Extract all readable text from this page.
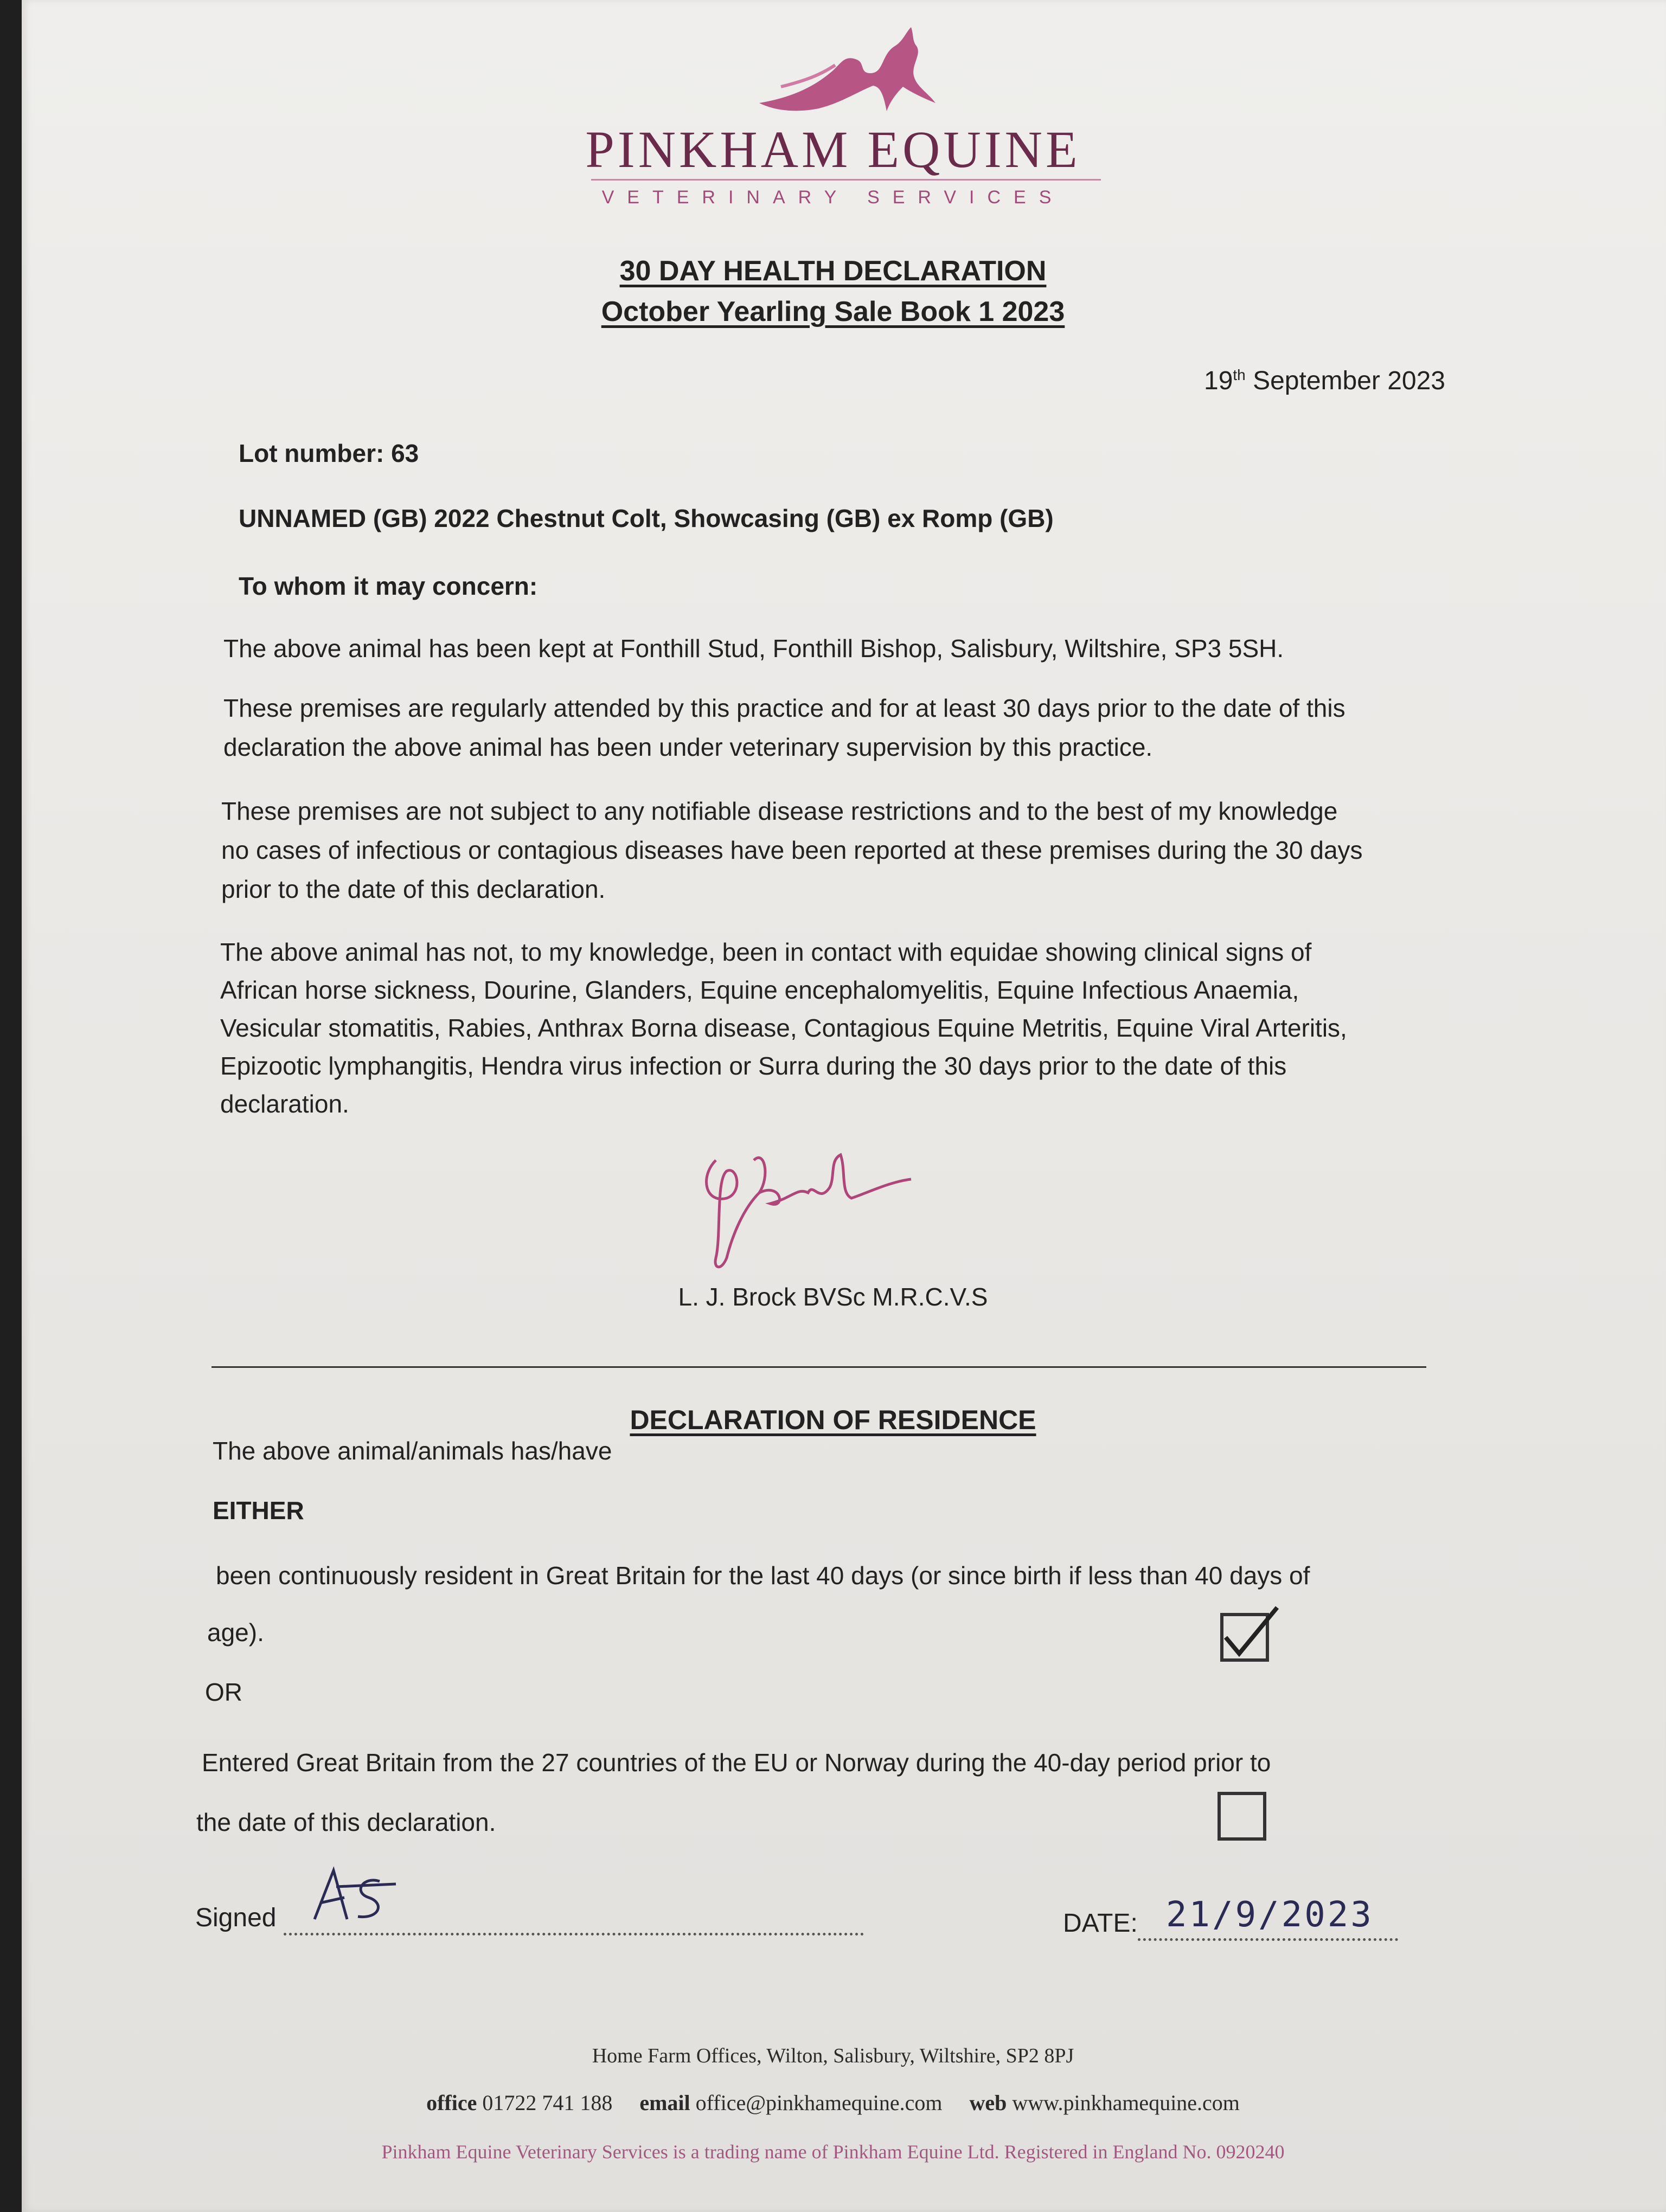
PINKHAM EQUINE
VETERINARY SERVICES
30 DAY HEALTH DECLARATION
October Yearling Sale Book 1 2023
19th September 2023
Lot number: 63
UNNAMED (GB) 2022 Chestnut Colt, Showcasing (GB) ex Romp (GB)
To whom it may concern:
The above animal has been kept at Fonthill Stud, Fonthill Bishop, Salisbury, Wiltshire, SP3 5SH.
These premises are regularly attended by this practice and for at least 30 days prior to the date of this
declaration the above animal has been under veterinary supervision by this practice.
These premises are not subject to any notifiable disease restrictions and to the best of my knowledge
no cases of infectious or contagious diseases have been reported at these premises during the 30 days
prior to the date of this declaration.
The above animal has not, to my knowledge, been in contact with equidae showing clinical signs of
African horse sickness, Dourine, Glanders, Equine encephalomyelitis, Equine Infectious Anaemia,
Vesicular stomatitis, Rabies, Anthrax Borna disease, Contagious Equine Metritis, Equine Viral Arteritis,
Epizootic lymphangitis, Hendra virus infection or Surra during the 30 days prior to the date of this
declaration.
L. J. Brock BVSc M.R.C.V.S
DECLARATION OF RESIDENCE
The above animal/animals has/have
EITHER
been continuously resident in Great Britain for the last 40 days (or since birth if less than 40 days of
age).
OR
Entered Great Britain from the 27 countries of the EU or Norway during the 40-day period prior to
the date of this declaration.
Signed	DATE: 21/9/2023
Home Farm Offices, Wilton, Salisbury, Wiltshire, SP2 8PJ
office 01722 741 188 email office@pinkhamequine.com web www.pinkhamequine.com
Pinkham Equine Veterinary Services is a trading name of Pinkham Equine Ltd. Registered in England No. 0920240
